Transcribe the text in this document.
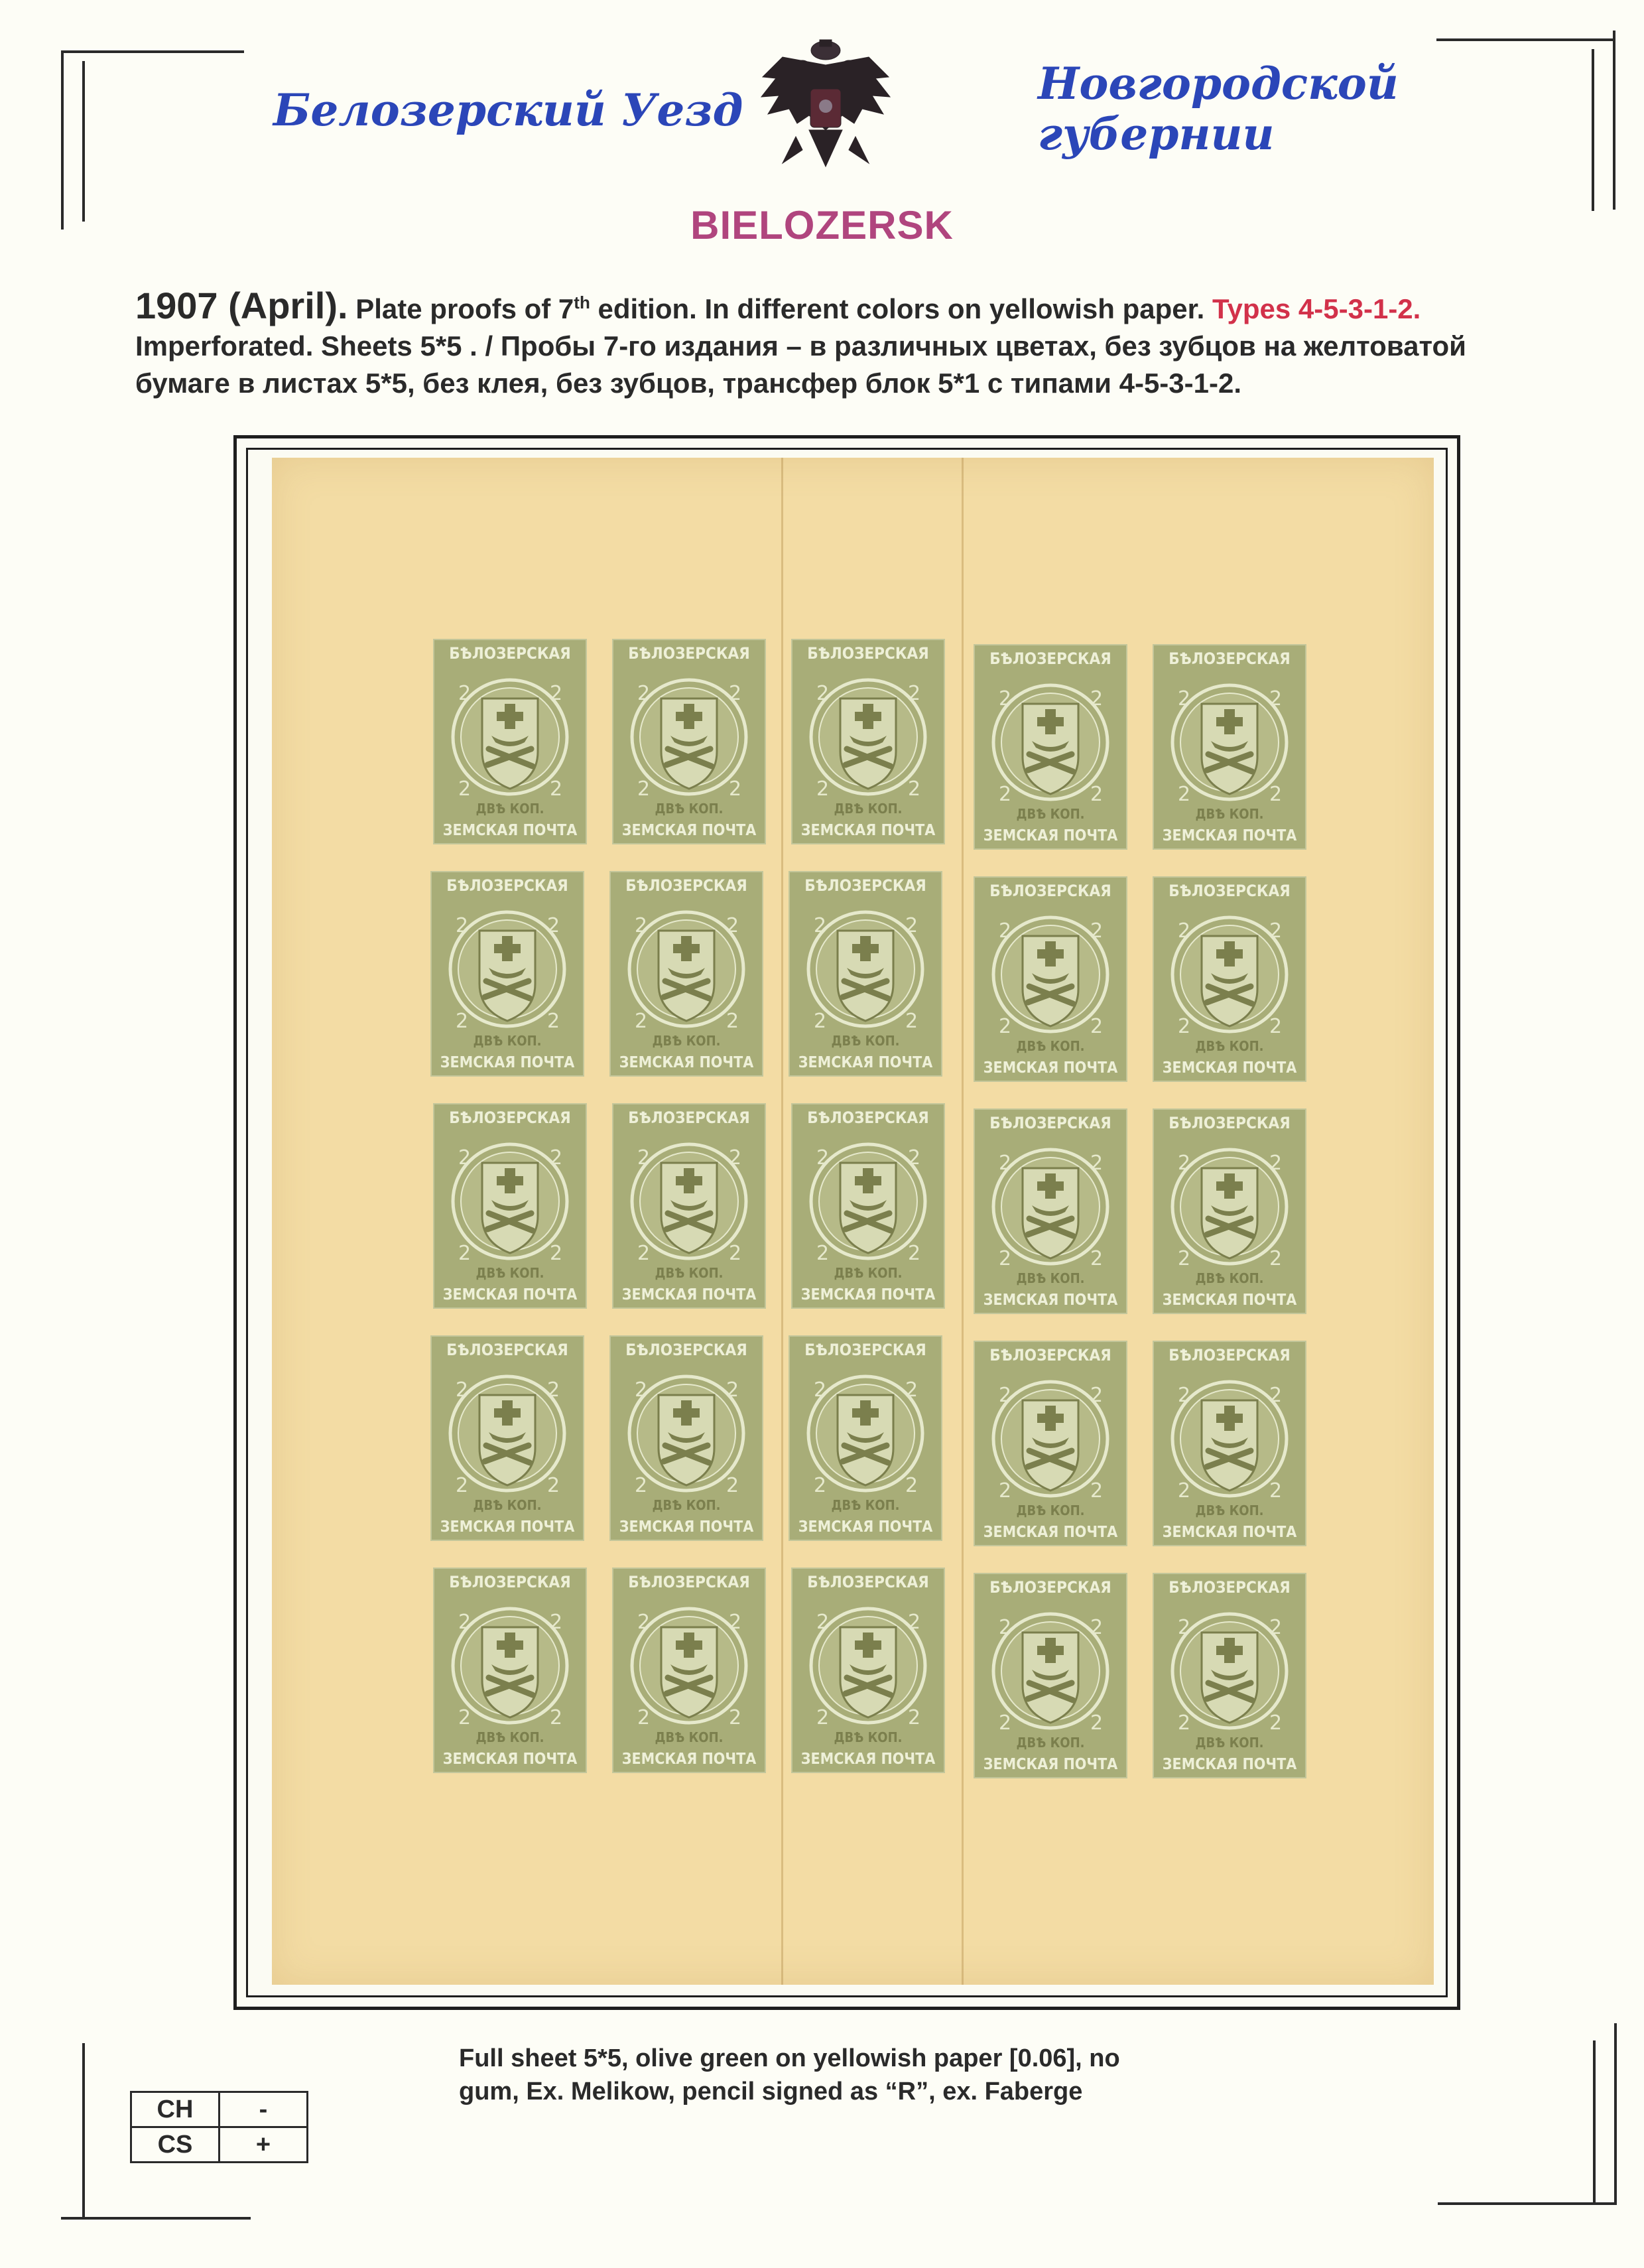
Белозерский Уезд
Новгородской
губернии
BIELOZERSK
1907 (April). Plate proofs of 7th edition. In different colors on yellowish paper. Types 4-5-3-1-2.
Imperforated. Sheets 5*5 . / Пробы 7-го издания – в различных цветах, без зубцов на желтоватой
бумаге в листах 5*5, без клея, без зубцов, трансфер блок 5*1 с типами 4-5-3-1-2.
БѢЛОЗЕРСКАЯ
2	2
2	2
ДВѢ КОП.
ЗЕМСКАЯ ПОЧТА
БѢЛОЗЕРСКАЯ
2	2
2	2
ДВѢ КОП.
ЗЕМСКАЯ ПОЧТА
БѢЛОЗЕРСКАЯ
2	2
2	2
ДВѢ КОП.
ЗЕМСКАЯ ПОЧТА
БѢЛОЗЕРСКАЯ
2	2
2	2
ДВѢ КОП.
ЗЕМСКАЯ ПОЧТА
БѢЛОЗЕРСКАЯ
2	2
2	2
ДВѢ КОП.
ЗЕМСКАЯ ПОЧТА
БѢЛОЗЕРСКАЯ
2	2
2	2
ДВѢ КОП.
ЗЕМСКАЯ ПОЧТА
БѢЛОЗЕРСКАЯ
2	2
2	2
ДВѢ КОП.
ЗЕМСКАЯ ПОЧТА
БѢЛОЗЕРСКАЯ
2	2
2	2
ДВѢ КОП.
ЗЕМСКАЯ ПОЧТА
БѢЛОЗЕРСКАЯ
2	2
2	2
ДВѢ КОП.
ЗЕМСКАЯ ПОЧТА
БѢЛОЗЕРСКАЯ
2	2
2	2
ДВѢ КОП.
ЗЕМСКАЯ ПОЧТА
БѢЛОЗЕРСКАЯ
2	2
2	2
ДВѢ КОП.
ЗЕМСКАЯ ПОЧТА
БѢЛОЗЕРСКАЯ
2	2
2	2
ДВѢ КОП.
ЗЕМСКАЯ ПОЧТА
БѢЛОЗЕРСКАЯ
2	2
2	2
ДВѢ КОП.
ЗЕМСКАЯ ПОЧТА
БѢЛОЗЕРСКАЯ
2	2
2	2
ДВѢ КОП.
ЗЕМСКАЯ ПОЧТА
БѢЛОЗЕРСКАЯ
2	2
2	2
ДВѢ КОП.
ЗЕМСКАЯ ПОЧТА
БѢЛОЗЕРСКАЯ
2	2
2	2
ДВѢ КОП.
ЗЕМСКАЯ ПОЧТА
БѢЛОЗЕРСКАЯ
2	2
2	2
ДВѢ КОП.
ЗЕМСКАЯ ПОЧТА
БѢЛОЗЕРСКАЯ
2	2
2	2
ДВѢ КОП.
ЗЕМСКАЯ ПОЧТА
БѢЛОЗЕРСКАЯ
2	2
2	2
ДВѢ КОП.
ЗЕМСКАЯ ПОЧТА
БѢЛОЗЕРСКАЯ
2	2
2	2
ДВѢ КОП.
ЗЕМСКАЯ ПОЧТА
БѢЛОЗЕРСКАЯ
2	2
2	2
ДВѢ КОП.
ЗЕМСКАЯ ПОЧТА
БѢЛОЗЕРСКАЯ
2	2
2	2
ДВѢ КОП.
ЗЕМСКАЯ ПОЧТА
БѢЛОЗЕРСКАЯ
2	2
2	2
ДВѢ КОП.
ЗЕМСКАЯ ПОЧТА
БѢЛОЗЕРСКАЯ
2	2
2	2
ДВѢ КОП.
ЗЕМСКАЯ ПОЧТА
БѢЛОЗЕРСКАЯ
2	2
2	2
ДВѢ КОП.
ЗЕМСКАЯ ПОЧТА
Full sheet 5*5, olive green on yellowish paper [0.06], no
gum, Ex. Melikow, pencil signed as “R”, ex. Faberge
CH	-
CS	+
